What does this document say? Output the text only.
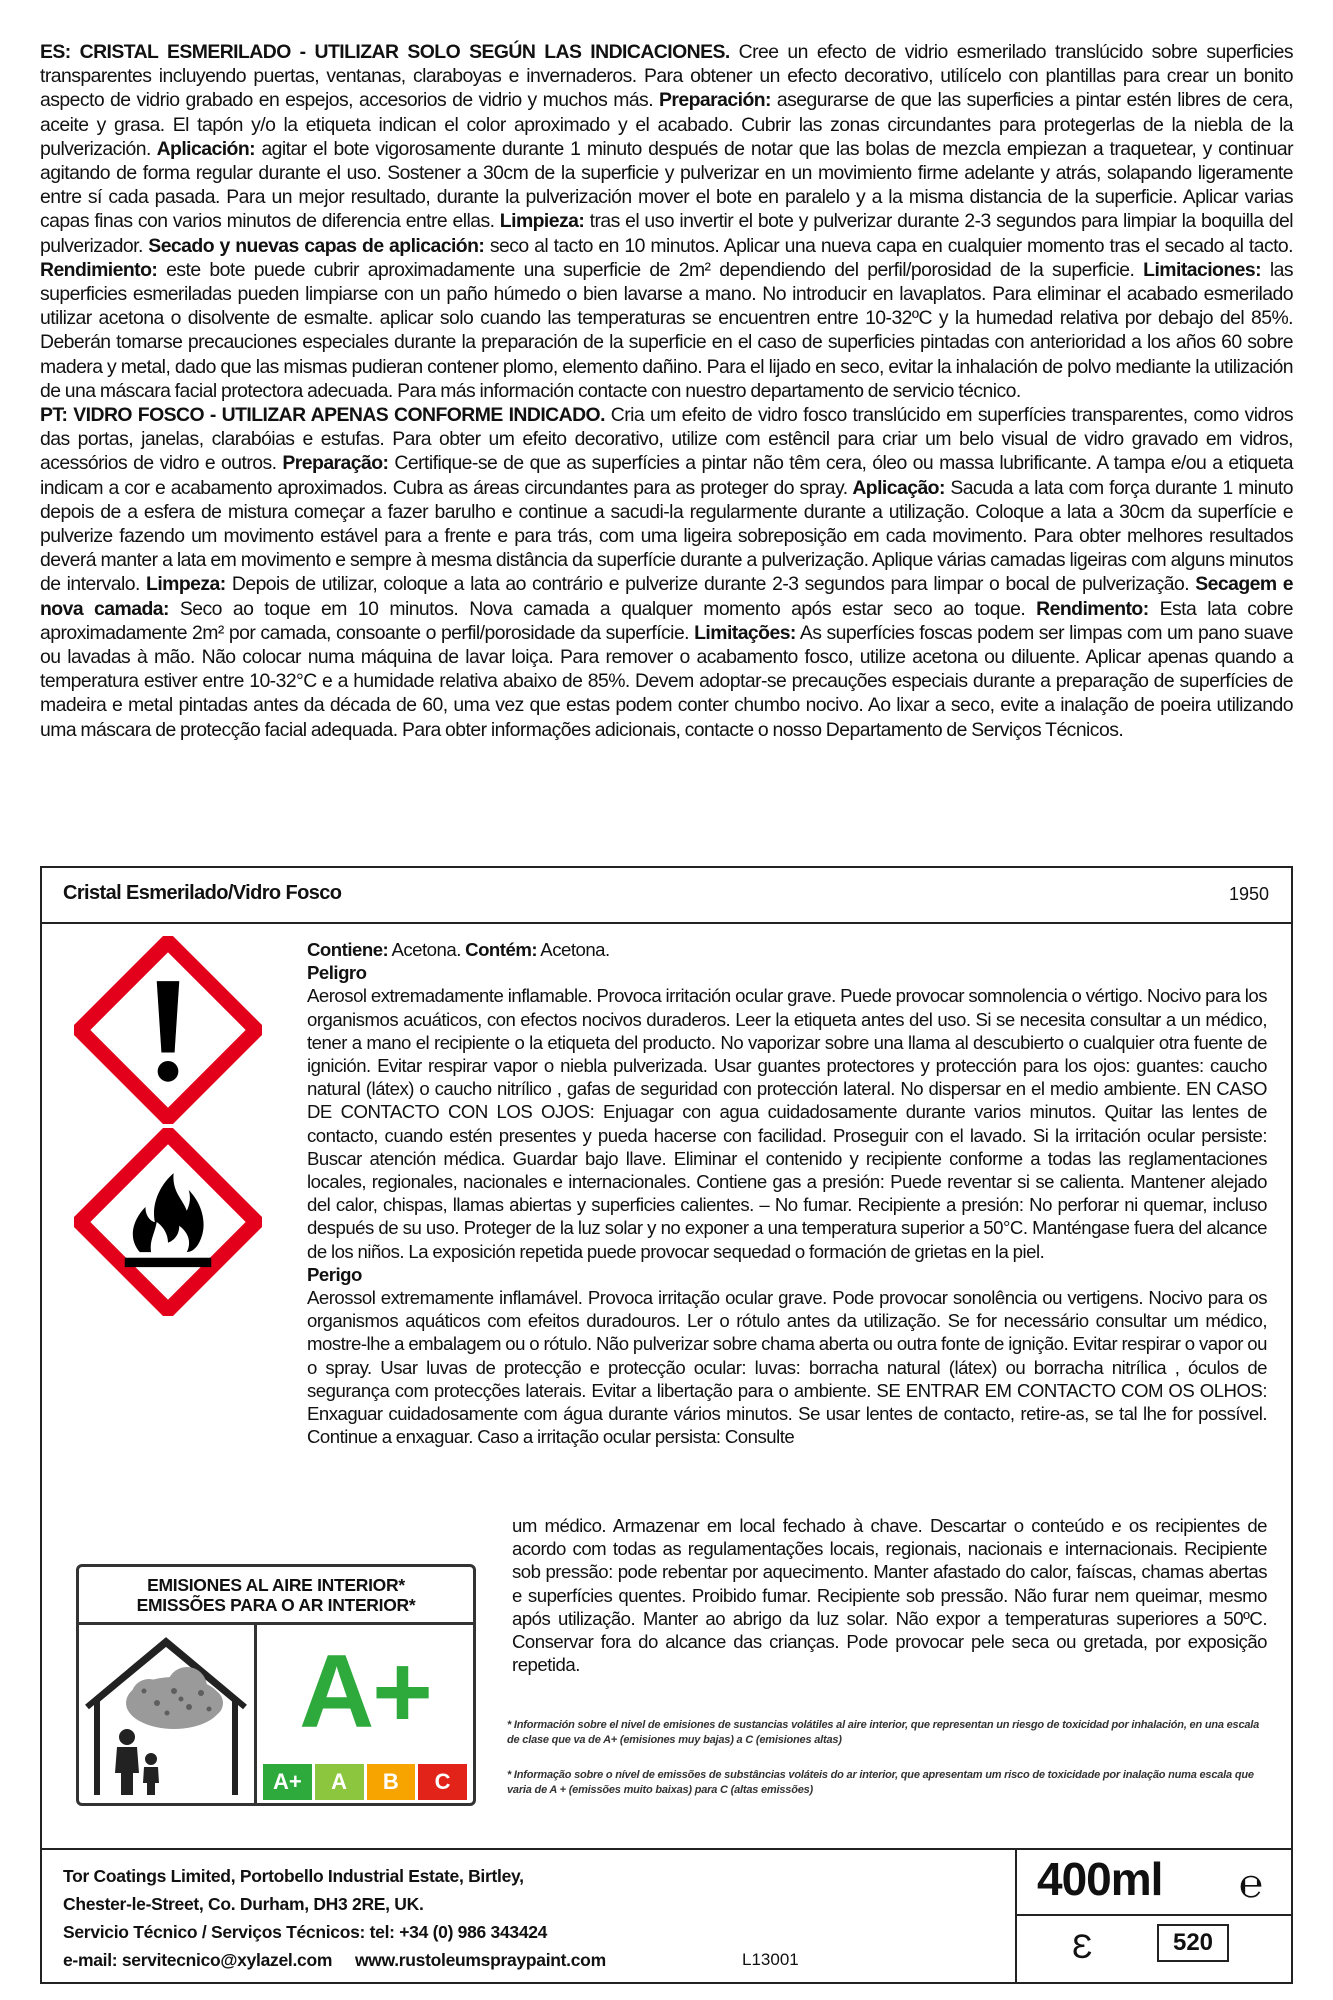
ES: CRISTAL ESMERILADO - UTILIZAR SOLO SEGÚN LAS INDICACIONES. Cree un efecto de vidrio esmerilado translúcido sobre superficies transparentes incluyendo puertas, ventanas, claraboyas e invernaderos. Para obtener un efecto decorativo, utilícelo con plantillas para crear un bonito aspecto de vidrio grabado en espejos, accesorios de vidrio y muchos más. Preparación: asegurarse de que las superficies a pintar estén libres de cera, aceite y grasa. El tapón y/o la etiqueta indican el color aproximado y el acabado. Cubrir las zonas circundantes para protegerlas de la niebla de la pulverización. Aplicación: agitar el bote vigorosamente durante 1 minuto después de notar que las bolas de mezcla empiezan a traquetear, y continuar agitando de forma regular durante el uso. Sostener a 30cm de la superficie y pulverizar en un movimiento firme adelante y atrás, solapando ligeramente entre sí cada pasada. Para un mejor resultado, durante la pulverización mover el bote en paralelo y a la misma distancia de la superficie. Aplicar varias capas finas con varios minutos de diferencia entre ellas. Limpieza: tras el uso invertir el bote y pulverizar durante 2-3 segundos para limpiar la boquilla del pulverizador. Secado y nuevas capas de aplicación: seco al tacto en 10 minutos. Aplicar una nueva capa en cualquier momento tras el secado al tacto. Rendimiento: este bote puede cubrir aproximadamente una superficie de 2m² dependiendo del perfil/porosidad de la superficie. Limitaciones: las superficies esmeriladas pueden limpiarse con un paño húmedo o bien lavarse a mano. No introducir en lavaplatos. Para eliminar el acabado esmerilado utilizar acetona o disolvente de esmalte. aplicar solo cuando las temperaturas se encuentren entre 10-32ºC y la humedad relativa por debajo del 85%. Deberán tomarse precauciones especiales durante la preparación de la superficie en el caso de superficies pintadas con anterioridad a los años 60 sobre madera y metal, dado que las mismas pudieran contener plomo, elemento dañino. Para el lijado en seco, evitar la inhalación de polvo mediante la utilización de una máscara facial protectora adecuada. Para más información contacte con nuestro departamento de servicio técnico.
PT: VIDRO FOSCO - UTILIZAR APENAS CONFORME INDICADO. Cria um efeito de vidro fosco translúcido em superfícies transparentes, como vidros das portas, janelas, clarabóias e estufas. Para obter um efeito decorativo, utilize com estêncil para criar um belo visual de vidro gravado em vidros, acessórios de vidro e outros. Preparação: Certifique-se de que as superfícies a pintar não têm cera, óleo ou massa lubrificante. A tampa e/ou a etiqueta indicam a cor e acabamento aproximados. Cubra as áreas circundantes para as proteger do spray. Aplicação: Sacuda a lata com força durante 1 minuto depois de a esfera de mistura começar a fazer barulho e continue a sacudi-la regularmente durante a utilização. Coloque a lata a 30cm da superfície e pulverize fazendo um movimento estável para a frente e para trás, com uma ligeira sobreposição em cada movimento. Para obter melhores resultados deverá manter a lata em movimento e sempre à mesma distância da superfície durante a pulverização. Aplique várias camadas ligeiras com alguns minutos de intervalo. Limpeza: Depois de utilizar, coloque a lata ao contrário e pulverize durante 2-3 segundos para limpar o bocal de pulverização. Secagem e nova camada: Seco ao toque em 10 minutos. Nova camada a qualquer momento após estar seco ao toque. Rendimento: Esta lata cobre aproximadamente 2m² por camada, consoante o perfil/porosidade da superfície. Limitações: As superfícies foscas podem ser limpas com um pano suave ou lavadas à mão. Não colocar numa máquina de lavar loiça. Para remover o acabamento fosco, utilize acetona ou diluente. Aplicar apenas quando a temperatura estiver entre 10-32°C e a humidade relativa abaixo de 85%. Devem adoptar-se precauções especiais durante a preparação de superfícies de madeira e metal pintadas antes da década de 60, uma vez que estas podem conter chumbo nocivo. Ao lixar a seco, evite a inalação de poeira utilizando uma máscara de protecção facial adequada. Para obter informações adicionais, contacte o nosso Departamento de Serviços Técnicos.
Cristal Esmerilado/Vidro Fosco	1950

Contiene: Acetona. Contém: Acetona.

Peligro

Aerosol extremadamente inflamable. Provoca irritación ocular grave. Puede provocar somnolencia o vértigo. Nocivo para los organismos acuáticos, con efectos nocivos duraderos. Leer la etiqueta antes del uso. Si se necesita consultar a un médico, tener a mano el recipiente o la etiqueta del producto. No vaporizar sobre una llama al descubierto o cualquier otra fuente de ignición. Evitar respirar vapor o niebla pulverizada. Usar guantes protectores y protección para los ojos: guantes: caucho natural (látex) o caucho nitrílico , gafas de seguridad con protección lateral. No dispersar en el medio ambiente. EN CASO DE CONTACTO CON LOS OJOS: Enjuagar con agua cuidadosamente durante varios minutos. Quitar las lentes de contacto, cuando estén presentes y pueda hacerse con facilidad. Proseguir con el lavado. Si la irritación ocular persiste: Buscar atención médica. Guardar bajo llave. Eliminar el contenido y recipiente conforme a todas las reglamentaciones locales, regionales, nacionales e internacionales. Contiene gas a presión: Puede reventar si se calienta. Mantener alejado del calor, chispas, llamas abiertas y superficies calientes. – No fumar. Recipiente a presión: No perforar ni quemar, incluso después de su uso. Proteger de la luz solar y no exponer a una temperatura superior a 50°C. Manténgase fuera del alcance de los niños. La exposición repetida puede provocar sequedad o formación de grietas en la piel.

Perigo

Aerossol extremamente inflamável. Provoca irritação ocular grave. Pode provocar sonolência ou vertigens. Nocivo para os organismos aquáticos com efeitos duradouros. Ler o rótulo antes da utilização. Se for necessário consultar um médico, mostre-lhe a embalagem ou o rótulo. Não pulverizar sobre chama aberta ou outra fonte de ignição. Evitar respirar o vapor ou o spray. Usar luvas de protecção e protecção ocular: luvas: borracha natural (látex) ou borracha nitrílica , óculos de segurança com protecções laterais. Evitar a libertação para o ambiente. SE ENTRAR EM CONTACTO COM OS OLHOS: Enxaguar cuidadosamente com água durante vários minutos. Se usar lentes de contacto, retire-as, se tal lhe for possível. Continue a enxaguar. Caso a irritação ocular persista: Consulte

um médico. Armazenar em local fechado à chave. Descartar o conteúdo e os recipientes de acordo com todas as regulamentações locais, regionais, nacionais e internacionais. Recipiente sob pressão: pode rebentar por aquecimento. Manter afastado do calor, faíscas, chamas abertas e superfícies quentes. Proibido fumar. Recipiente sob pressão. Não furar nem queimar, mesmo após utilização. Manter ao abrigo da luz solar. Não expor a temperaturas superiores a 50ºC. Conservar fora do alcance das crianças. Pode provocar pele seca ou gretada, por exposição repetida.
EMISIONES AL AIRE INTERIOR*
EMISSÕES PARA O AR INTERIOR*
A+
A+	A	B	C
* Información sobre el nivel de emisiones de sustancias volátiles al aire interior, que representan un riesgo de toxicidad por inhalación, en una escala de clase que va de A+ (emisiones muy bajas) a C (emisiones altas)
* Informação sobre o nível de emissões de substâncias voláteis do ar interior, que apresentam um risco de toxicidade por inalação numa escala que varia de A + (emissões muito baixas) para C (altas emissões)
Tor Coatings Limited, Portobello Industrial Estate, Birtley,
Chester-le-Street, Co. Durham, DH3 2RE, UK.
Servicio Técnico / Serviços Técnicos: tel: +34 (0) 986 343424
e-mail: servitecnico@xylazel.com www.rustoleumspraypaint.com	L13001
400ml ℮
Ɛ	520
